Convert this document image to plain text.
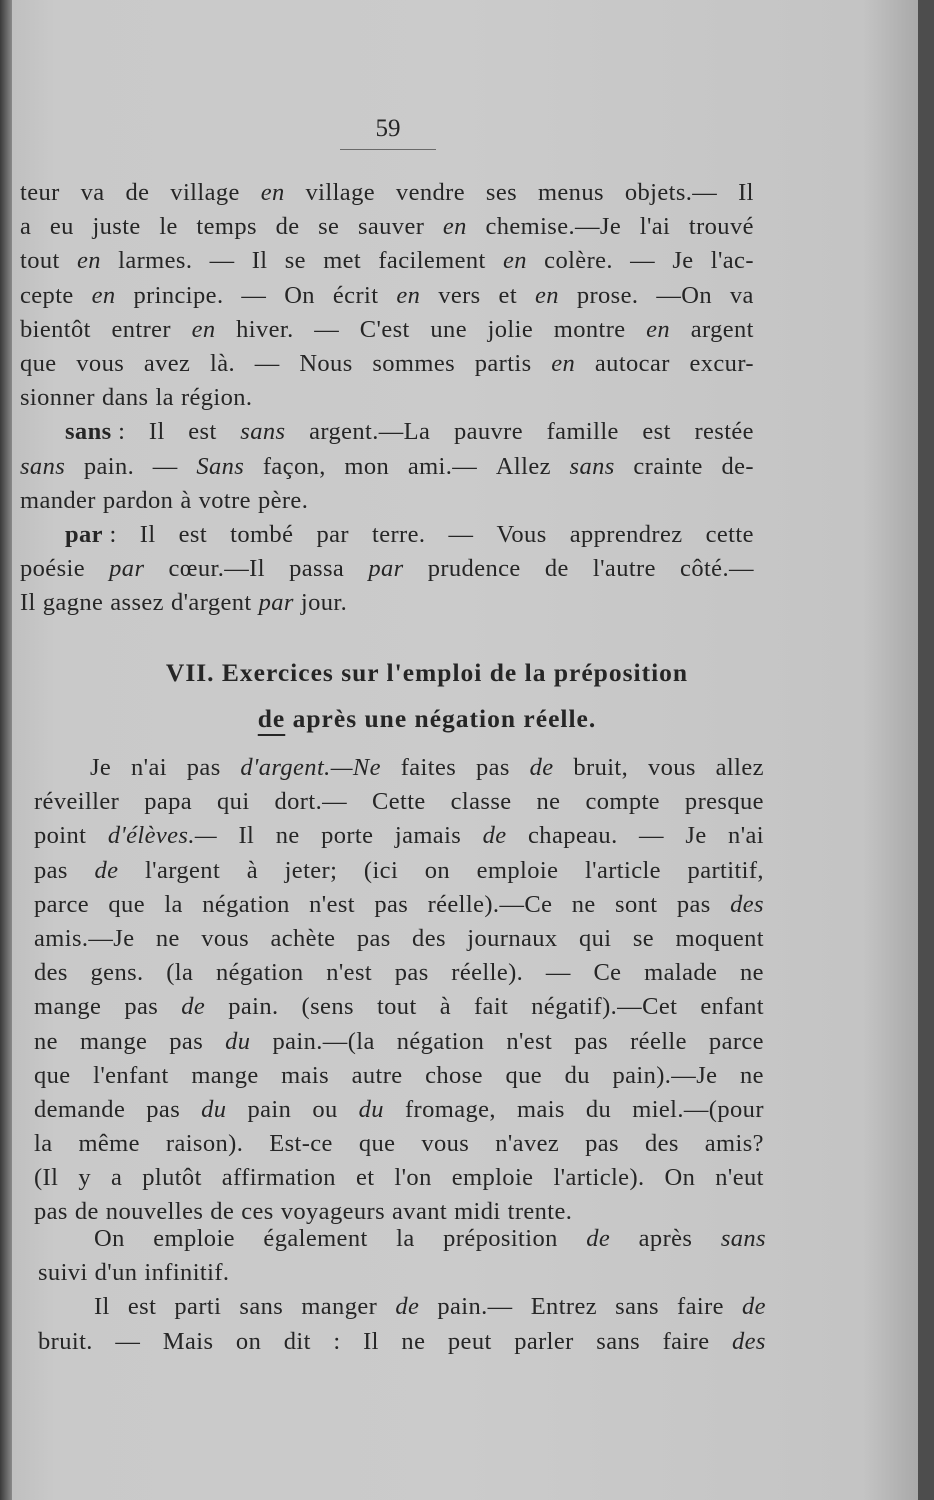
59
teur va de village en village vendre ses menus objets.— Il
a eu juste le temps de se sauver en chemise.—Je l'ai trouvé
tout en larmes. — Il se met facilement en colère. — Je l'ac-
cepte en principe. — On écrit en vers et en prose. —On va
bientôt entrer en hiver. — C'est une jolie montre en argent
que vous avez là. — Nous sommes partis en autocar excur-
sionner dans la région.
sans : Il est sans argent.—La pauvre famille est restée
sans pain. — Sans façon, mon ami.— Allez sans crainte de-
mander pardon à votre père.
par : Il est tombé par terre. — Vous apprendrez cette
poésie par cœur.—Il passa par prudence de l'autre côté.—
Il gagne assez d'argent par jour.
VII. Exercices sur l'emploi de la préposition
de après une négation réelle.
Je n'ai pas d'argent.—Ne faites pas de bruit, vous allez
réveiller papa qui dort.— Cette classe ne compte presque
point d'élèves.— Il ne porte jamais de chapeau. — Je n'ai
pas de l'argent à jeter; (ici on emploie l'article partitif,
parce que la négation n'est pas réelle).—Ce ne sont pas des
amis.—Je ne vous achète pas des journaux qui se moquent
des gens. (la négation n'est pas réelle). — Ce malade ne
mange pas de pain. (sens tout à fait négatif).—Cet enfant
ne mange pas du pain.—(la négation n'est pas réelle parce
que l'enfant mange mais autre chose que du pain).—Je ne
demande pas du pain ou du fromage, mais du miel.—(pour
la même raison). Est-ce que vous n'avez pas des amis?
(Il y a plutôt affirmation et l'on emploie l'article). On n'eut
pas de nouvelles de ces voyageurs avant midi trente.
On emploie également la préposition de après sans
suivi d'un infinitif.
Il est parti sans manger de pain.— Entrez sans faire de
bruit. — Mais on dit : Il ne peut parler sans faire des
